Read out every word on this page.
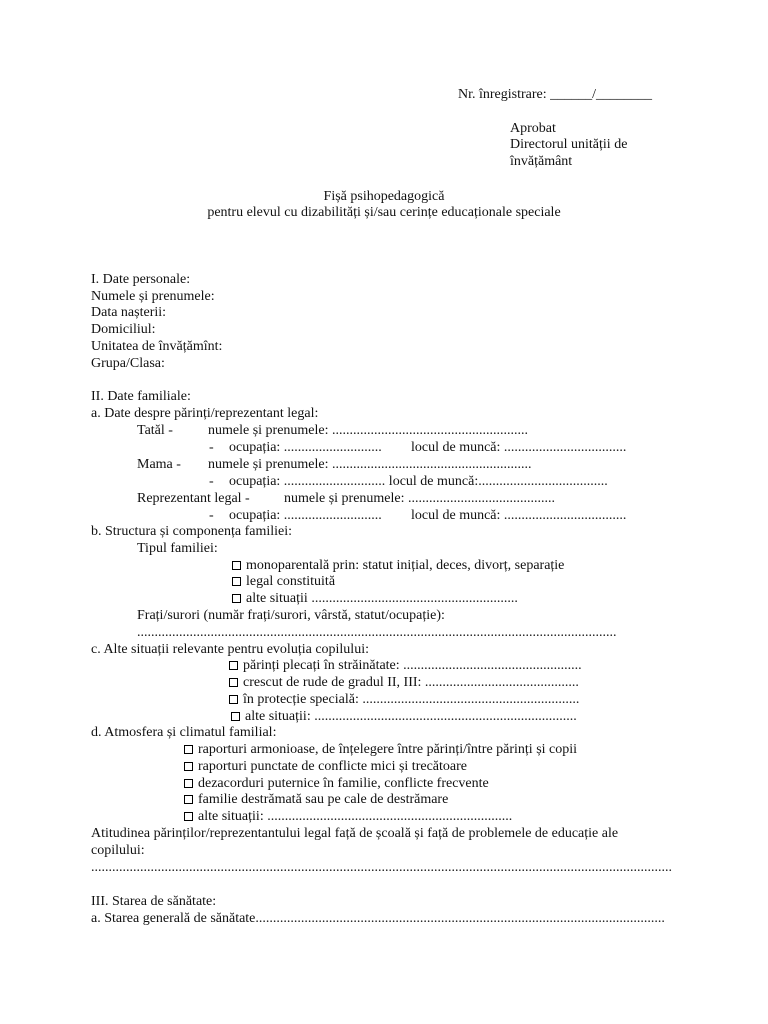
Nr. înregistrare: ______/________
Aprobat
Directorul unității de
învățământ
Fișă psihopedagogică
pentru elevul cu dizabilități și/sau cerințe educaționale speciale
I. Date personale:
Numele și prenumele:
Data nașterii:
Domiciliul:
Unitatea de învățămînt:
Grupa/Clasa:
II. Date familiale:
a. Date despre părinți/reprezentant legal:
Tatăl -	numele și prenumele: ........................................................
- ocupația: ............................ locul de muncă: ...................................
Mama - numele și prenumele: .........................................................
- ocupația: ............................. locul de muncă:.....................................
Reprezentant legal - numele și prenumele: ..........................................
- ocupația: ............................ locul de muncă: ...................................
b. Structura și componența familiei:
Tipul familiei:
monoparentală prin: statut inițial, deces, divorț, separație
legal constituită
alte situații ...........................................................
Frați/surori (număr frați/surori, vârstă, statut/ocupație):
.........................................................................................................................................
c. Alte situații relevante pentru evoluția copilului:
părinți plecați în străinătate: ...................................................
crescut de rude de gradul II, III: ............................................
în protecție specială: ..............................................................
alte situații: ...........................................................................
d. Atmosfera și climatul familial:
raporturi armonioase, de înțelegere între părinți/între părinți și copii
raporturi punctate de conflicte mici și trecătoare
dezacorduri puternice în familie, conflicte frecvente
familie destrămată sau pe cale de destrămare
alte situații: ......................................................................
Atitudinea părinților/reprezentantului legal față de școală și față de problemele de educație ale
copilului:
......................................................................................................................................................................
III. Starea de sănătate:
a. Starea generală de sănătate.....................................................................................................................
